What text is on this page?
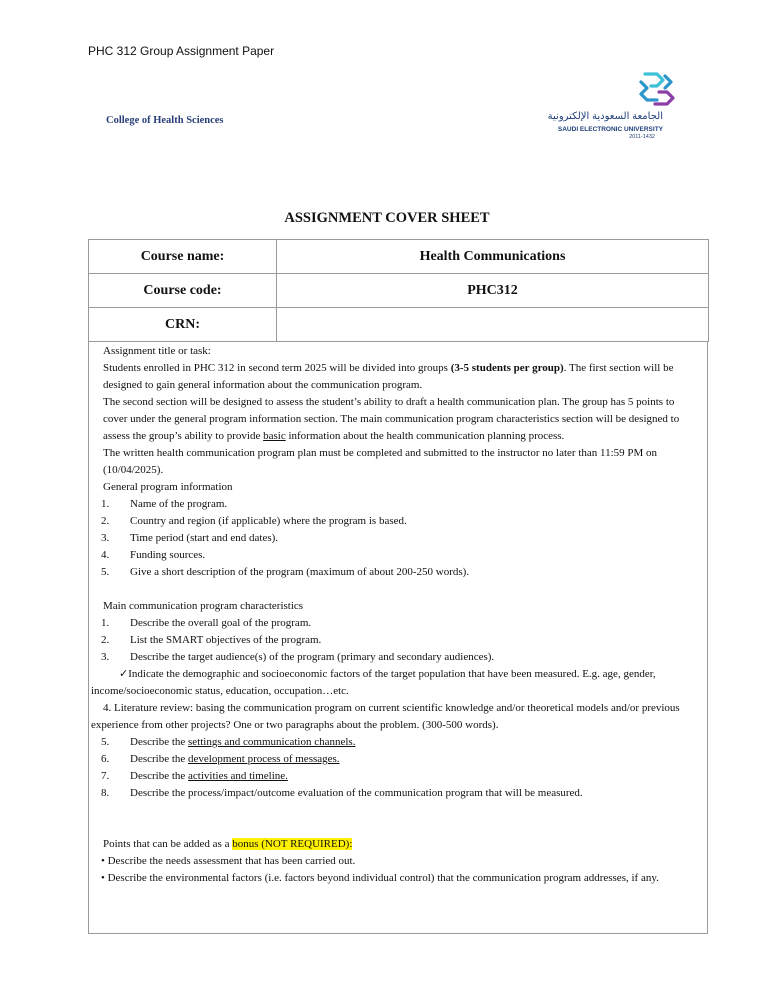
PHC 312 Group Assignment Paper
College of Health Sciences	الجامعة السعودية الإلكترونية
SAUDI ELECTRONIC UNIVERSITY
2011-1432
ASSIGNMENT COVER SHEET
Course name:	Health Communications
Course code:	PHC312
CRN:	

Assignment title or task:

Students enrolled in PHC 312 in second term 2025 will be divided into groups (3-5 students per group). The first section will be designed to gain general information about the communication program.

The second section will be designed to assess the student’s ability to draft a health communication plan. The group has 5 points to cover under the general program information section. The main communication program characteristics section will be designed to assess the group’s ability to provide basic information about the health communication planning process.

The written health communication program plan must be completed and submitted to the instructor no later than 11:59 PM on (10/04/2025).

General program information

1. Name of the program.

2. Country and region (if applicable) where the program is based.

3. Time period (start and end dates).

4. Funding sources.

5. Give a short description of the program (maximum of about 200-250 words).

Main communication program characteristics

1. Describe the overall goal of the program.

2. List the SMART objectives of the program.

3. Describe the target audience(s) of the program (primary and secondary audiences).

✓Indicate the demographic and socioeconomic factors of the target population that have been measured. E.g. age, gender, income/socioeconomic status, education, occupation…etc.

4. Literature review: basing the communication program on current scientific knowledge and/or theoretical models and/or previous experience from other projects? One or two paragraphs about the problem. (300-500 words).

5. Describe the settings and communication channels.

6. Describe the development process of messages.

7. Describe the activities and timeline.

8. Describe the process/impact/outcome evaluation of the communication program that will be measured.

Points that can be added as a bonus (NOT REQUIRED):

• Describe the needs assessment that has been carried out.

• Describe the environmental factors (i.e. factors beyond individual control) that the communication program addresses, if any.
